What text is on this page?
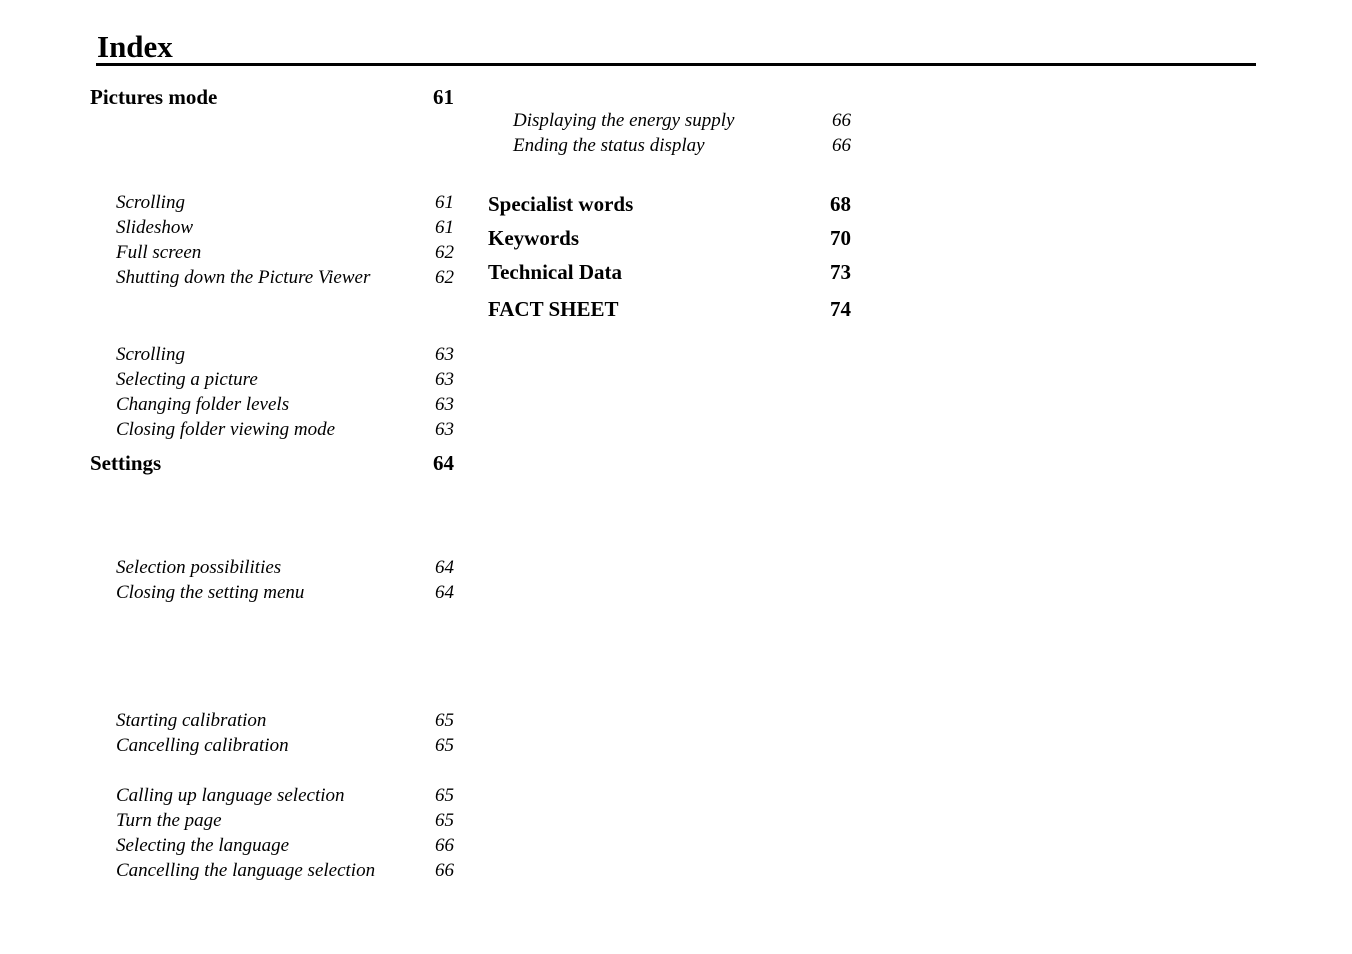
Index
Pictures mode	61
Scrolling	61
Slideshow	61
Full screen	62
Shutting down the Picture Viewer	62
Scrolling	63
Selecting a picture	63
Changing folder levels	63
Closing folder viewing mode	63
Settings	64
Selection possibilities	64
Closing the setting menu	64
Starting calibration	65
Cancelling calibration	65
Calling up language selection	65
Turn the page	65
Selecting the language	66
Cancelling the language selection	66
Displaying the energy supply	66
Ending the status display	66
Specialist words	68
Keywords	70
Technical Data	73
FACT SHEET	74
